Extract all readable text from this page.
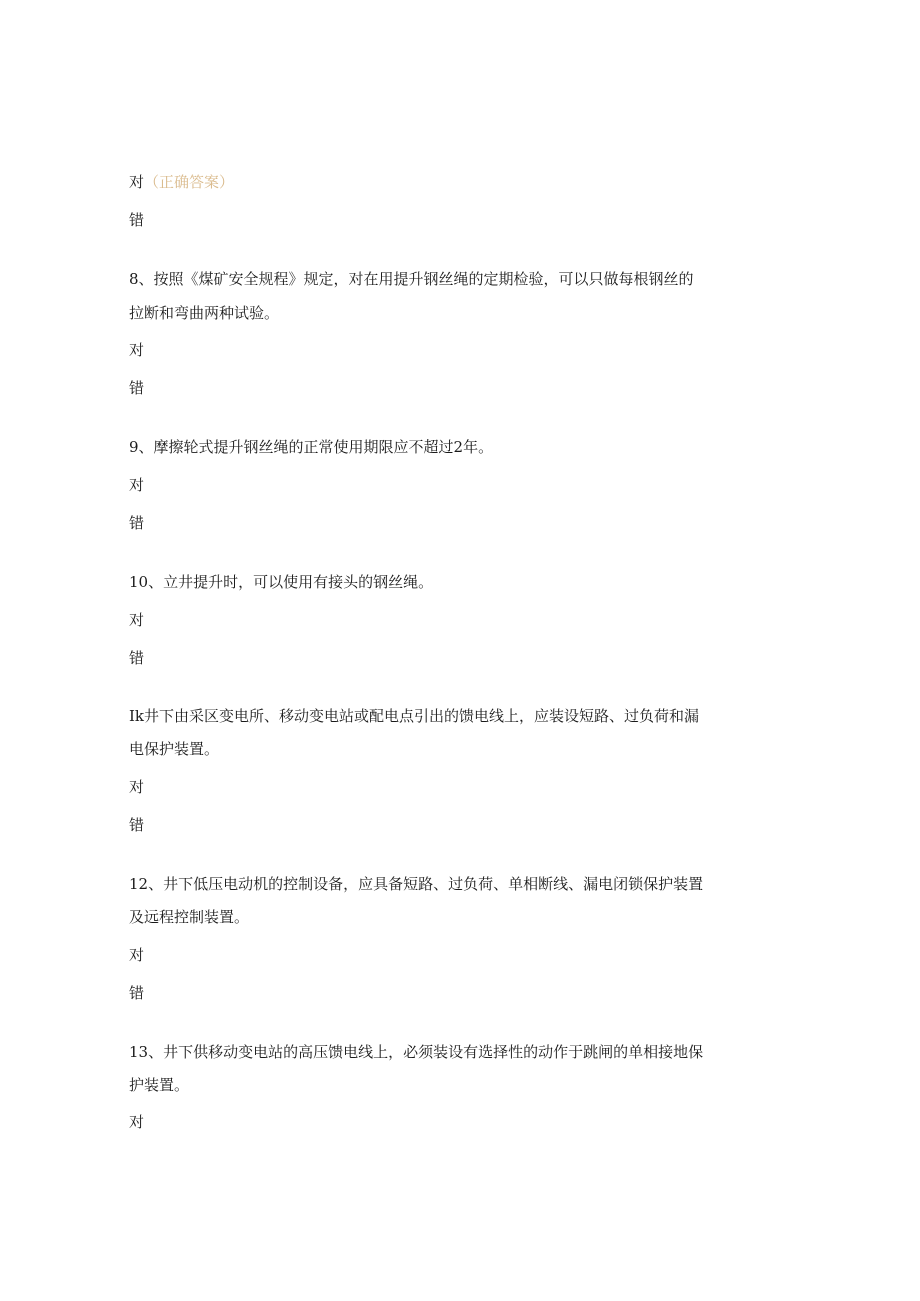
对（正确答案）
错
8、按照《煤矿安全规程》规定，对在用提升钢丝绳的定期检验，可以只做每根钢丝的
拉断和弯曲两种试验。
对
错
9、摩擦轮式提升钢丝绳的正常使用期限应不超过2年。
对
错
10、立井提升时，可以使用有接头的钢丝绳。
对
错
Ik井下由采区变电所、移动变电站或配电点引出的馈电线上，应装设短路、过负荷和漏
电保护装置。
对
错
12、井下低压电动机的控制设备，应具备短路、过负荷、单相断线、漏电闭锁保护装置
及远程控制装置。
对
错
13、井下供移动变电站的高压馈电线上，必须装设有选择性的动作于跳闸的单相接地保
护装置。
对
